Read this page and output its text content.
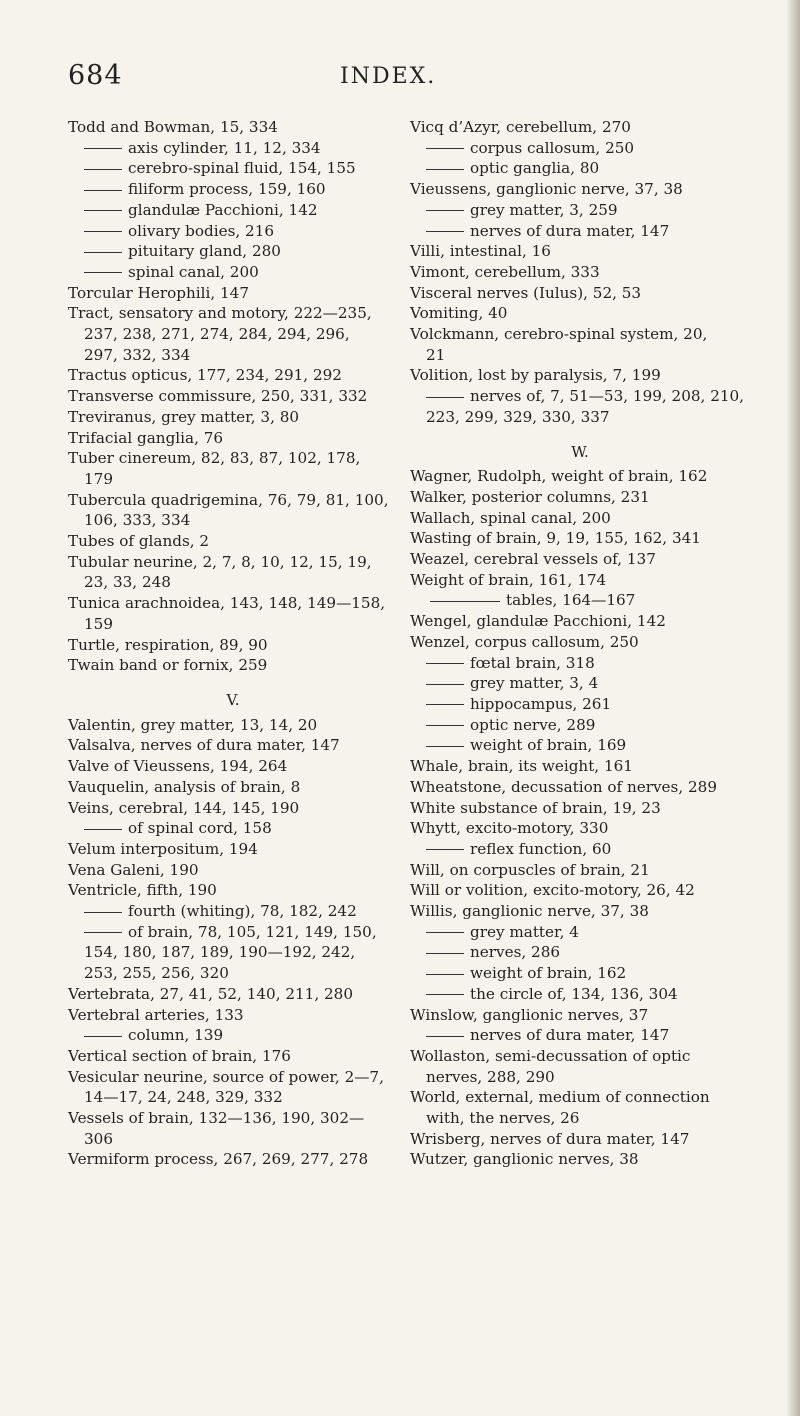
684	INDEX.
Todd and Bowman, 15, 334
axis cylinder, 11, 12, 334
cerebro-spinal fluid, 154, 155
filiform process, 159, 160
glandulæ Pacchioni, 142
olivary bodies, 216
pituitary gland, 280
spinal canal, 200
Torcular Herophili, 147
Tract, sensatory and motory, 222—235,
237, 238, 271, 274, 284, 294, 296,
297, 332, 334
Tractus opticus, 177, 234, 291, 292
Transverse commissure, 250, 331, 332
Treviranus, grey matter, 3, 80
Trifacial ganglia, 76
Tuber cinereum, 82, 83, 87, 102, 178,
179
Tubercula quadrigemina, 76, 79, 81, 100,
106, 333, 334
Tubes of glands, 2
Tubular neurine, 2, 7, 8, 10, 12, 15, 19,
23, 33, 248
Tunica arachnoidea, 143, 148, 149—158,
159
Turtle, respiration, 89, 90
Twain band or fornix, 259
V.
Valentin, grey matter, 13, 14, 20
Valsalva, nerves of dura mater, 147
Valve of Vieussens, 194, 264
Vauquelin, analysis of brain, 8
Veins, cerebral, 144, 145, 190
of spinal cord, 158
Velum interpositum, 194
Vena Galeni, 190
Ventricle, fifth, 190
fourth (whiting), 78, 182, 242
of brain, 78, 105, 121, 149, 150,
154, 180, 187, 189, 190—192, 242,
253, 255, 256, 320
Vertebrata, 27, 41, 52, 140, 211, 280
Vertebral arteries, 133
column, 139
Vertical section of brain, 176
Vesicular neurine, source of power, 2—7,
14—17, 24, 248, 329, 332
Vessels of brain, 132—136, 190, 302—
306
Vermiform process, 267, 269, 277, 278
Vicq d’Azyr, cerebellum, 270
corpus callosum, 250
optic ganglia, 80
Vieussens, ganglionic nerve, 37, 38
grey matter, 3, 259
nerves of dura mater, 147
Villi, intestinal, 16
Vimont, cerebellum, 333
Visceral nerves (Iulus), 52, 53
Vomiting, 40
Volckmann, cerebro-spinal system, 20,
21
Volition, lost by paralysis, 7, 199
nerves of, 7, 51—53, 199, 208, 210,
223, 299, 329, 330, 337
W.
Wagner, Rudolph, weight of brain, 162
Walker, posterior columns, 231
Wallach, spinal canal, 200
Wasting of brain, 9, 19, 155, 162, 341
Weazel, cerebral vessels of, 137
Weight of brain, 161, 174
tables, 164—167
Wengel, glandulæ Pacchioni, 142
Wenzel, corpus callosum, 250
fœtal brain, 318
grey matter, 3, 4
hippocampus, 261
optic nerve, 289
weight of brain, 169
Whale, brain, its weight, 161
Wheatstone, decussation of nerves, 289
White substance of brain, 19, 23
Whytt, excito-motory, 330
reflex function, 60
Will, on corpuscles of brain, 21
Will or volition, excito-motory, 26, 42
Willis, ganglionic nerve, 37, 38
grey matter, 4
nerves, 286
weight of brain, 162
the circle of, 134, 136, 304
Winslow, ganglionic nerves, 37
nerves of dura mater, 147
Wollaston, semi-decussation of optic
nerves, 288, 290
World, external, medium of connection
with, the nerves, 26
Wrisberg, nerves of dura mater, 147
Wutzer, ganglionic nerves, 38
